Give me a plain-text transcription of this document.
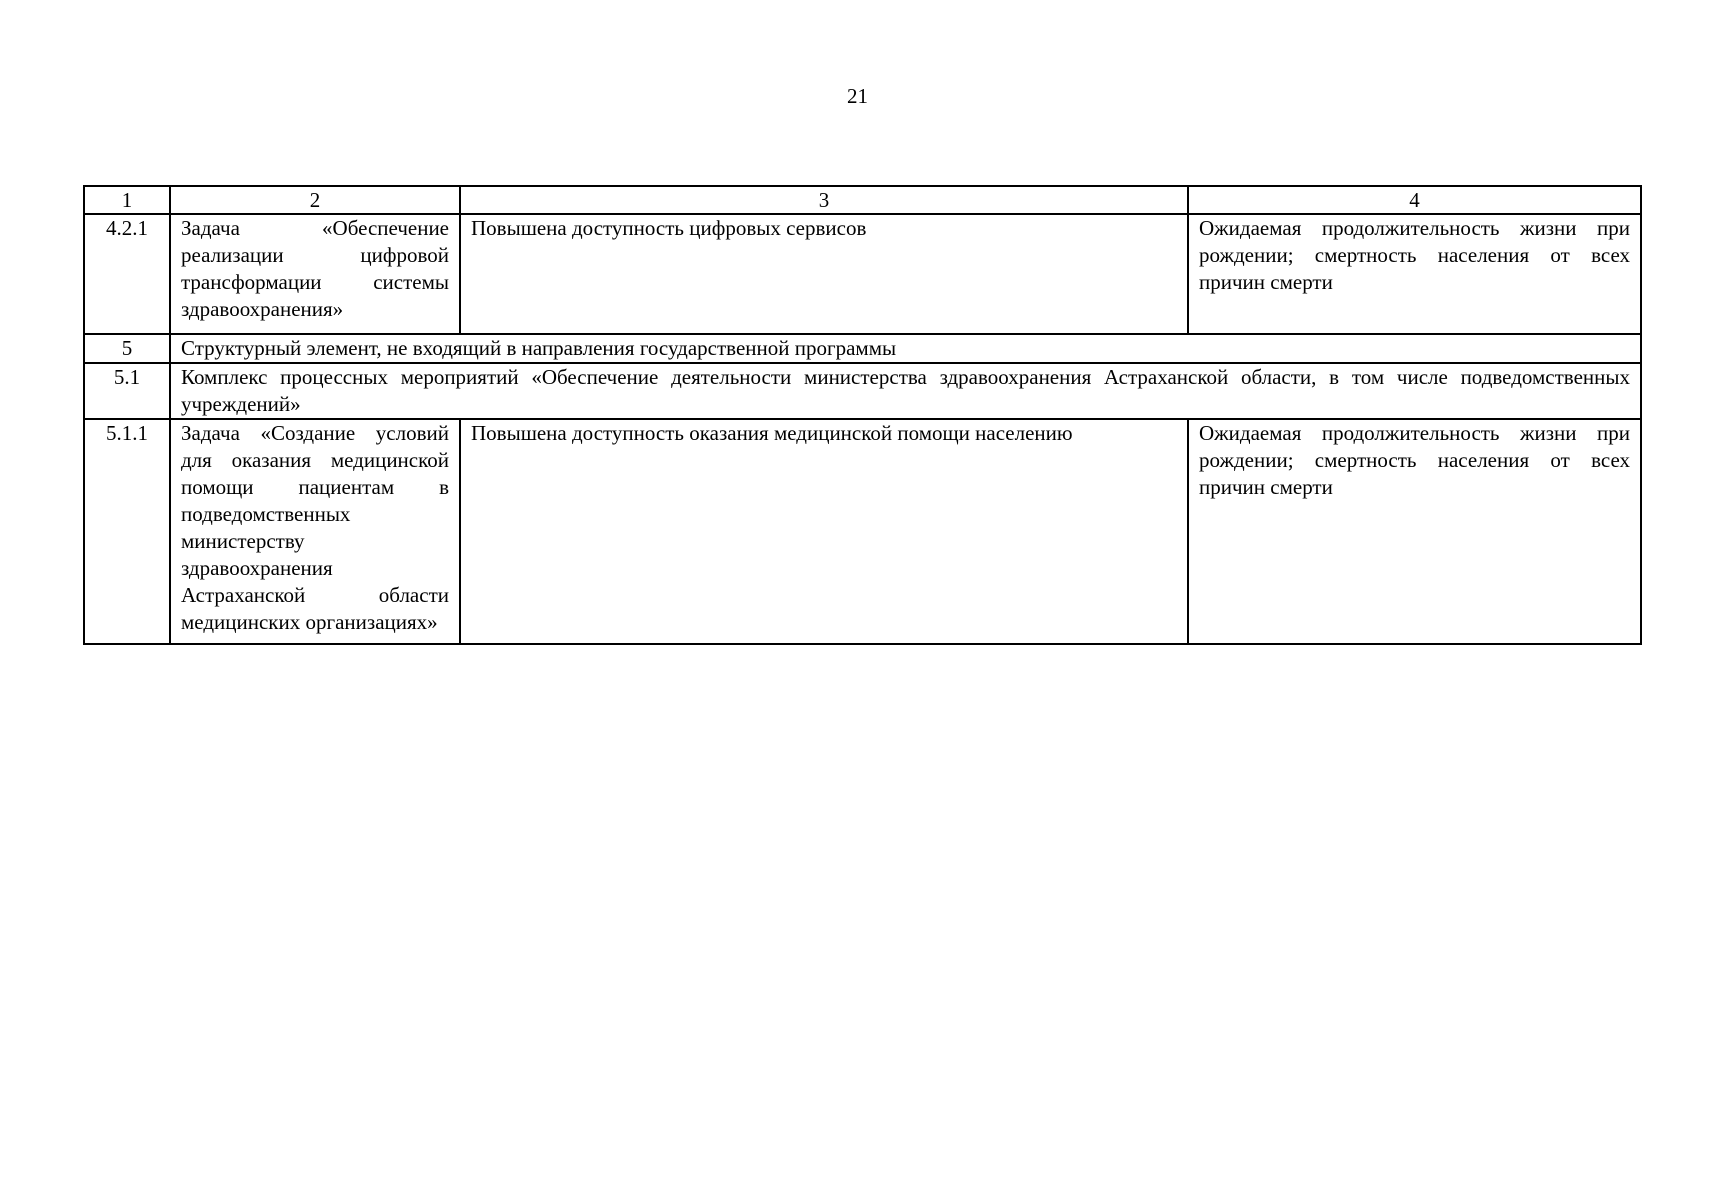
21
1	2	3	4
4.2.1	Задача «Обеспечение реализации цифровой трансформации системы здравоохранения»	Повышена доступность цифровых сервисов	Ожидаемая продолжительность жизни при рождении; смертность населения от всех причин смерти
5	Структурный элемент, не входящий в направления государственной программы		
5.1	Комплекс процессных мероприятий «Обеспечение деятельности министерства здравоохранения Астраханской области, в том числе подведомственных учреждений»		
5.1.1	Задача «Создание условий для оказания медицинской помощи пациентам в подведомственных министерству здравоохранения Астраханской области медицинских организациях»	Повышена доступность оказания медицинской помощи населению	Ожидаемая продолжительность жизни при рождении; смертность населения от всех причин смерти
